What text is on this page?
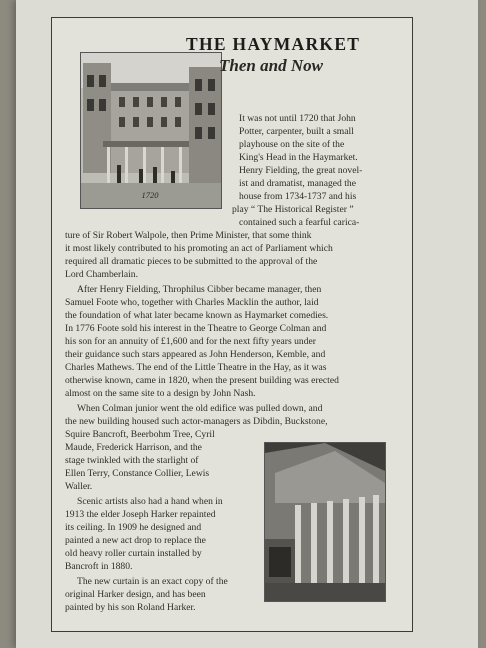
1720
THE HAYMARKET
Then and Now

It was not until 1720 that John

Potter, carpenter, built a small

playhouse on the site of the

King's Head in the Haymarket.

Henry Fielding, the great novel-

ist and dramatist, managed the

house from 1734-1737 and his

play “ The Historical Register ”

contained such a fearful carica-

ture of Sir Robert Walpole, then Prime Minister, that some think

it most likely contributed to his promoting an act of Parliament which

required all dramatic pieces to be submitted to the approval of the

Lord Chamberlain.

After Henry Fielding, Throphilus Cibber became manager, then

Samuel Foote who, together with Charles Macklin the author, laid

the foundation of what later became known as Haymarket comedies.

In 1776 Foote sold his interest in the Theatre to George Colman and

his son for an annuity of £1,600 and for the next fifty years under

their guidance such stars appeared as John Henderson, Kemble, and

Charles Mathews. The end of the Little Theatre in the Hay, as it was

otherwise known, came in 1820, when the present building was erected

almost on the same site to a design by John Nash.

When Colman junior went the old edifice was pulled down, and

the new building housed such actor-managers as Dibdin, Buckstone,

Squire Bancroft, Beerbohm Tree, Cyril

Maude, Frederick Harrison, and the

stage twinkled with the starlight of

Ellen Terry, Constance Collier, Lewis

Waller.

Scenic artists also had a hand when in

1913 the elder Joseph Harker repainted

its ceiling. In 1909 he designed and

painted a new act drop to replace the

old heavy roller curtain installed by

Bancroft in 1880.

The new curtain is an exact copy of the

original Harker design, and has been

painted by his son Roland Harker.
